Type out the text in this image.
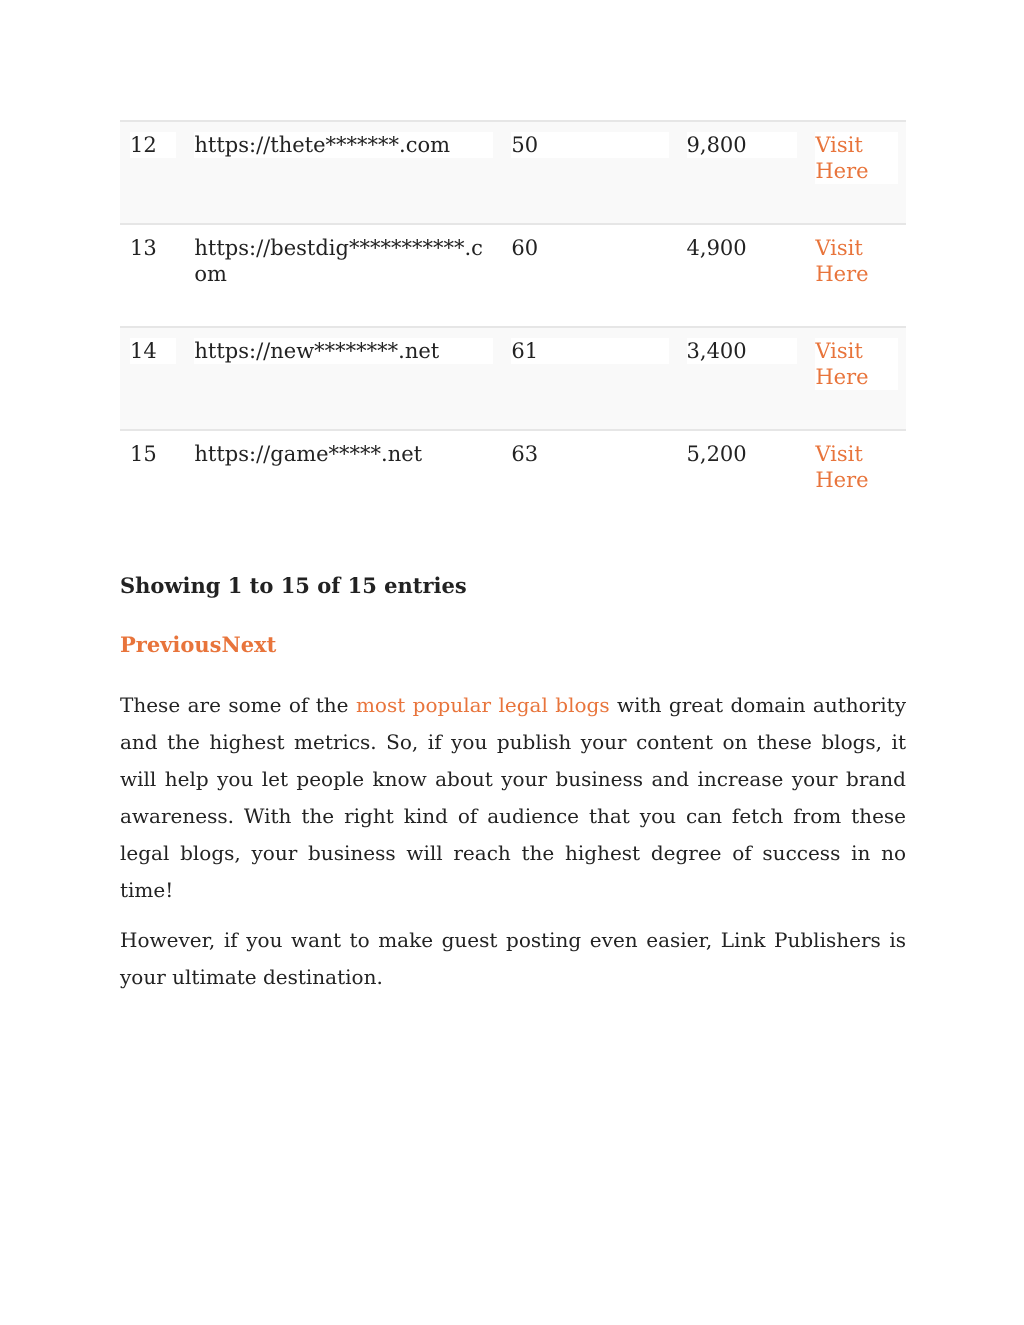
12	https://thete*******.com	50	9,800	Visit Here

13	https://bestdig***********.com	60	4,900	Visit Here

14	https://new********.net	61	3,400	Visit Here

15	https://game*****.net	63	5,200	Visit Here
Showing 1 to 15 of 15 entries
PreviousNext

These are some of the most popular legal blogs with great domain authority and the highest metrics. So, if you publish your content on these blogs, it will help you let people know about your business and increase your brand awareness. With the right kind of audience that you can fetch from these legal blogs, your business will reach the highest degree of success in no time!

However, if you want to make guest posting even easier, Link Publishers is your ultimate destination.
